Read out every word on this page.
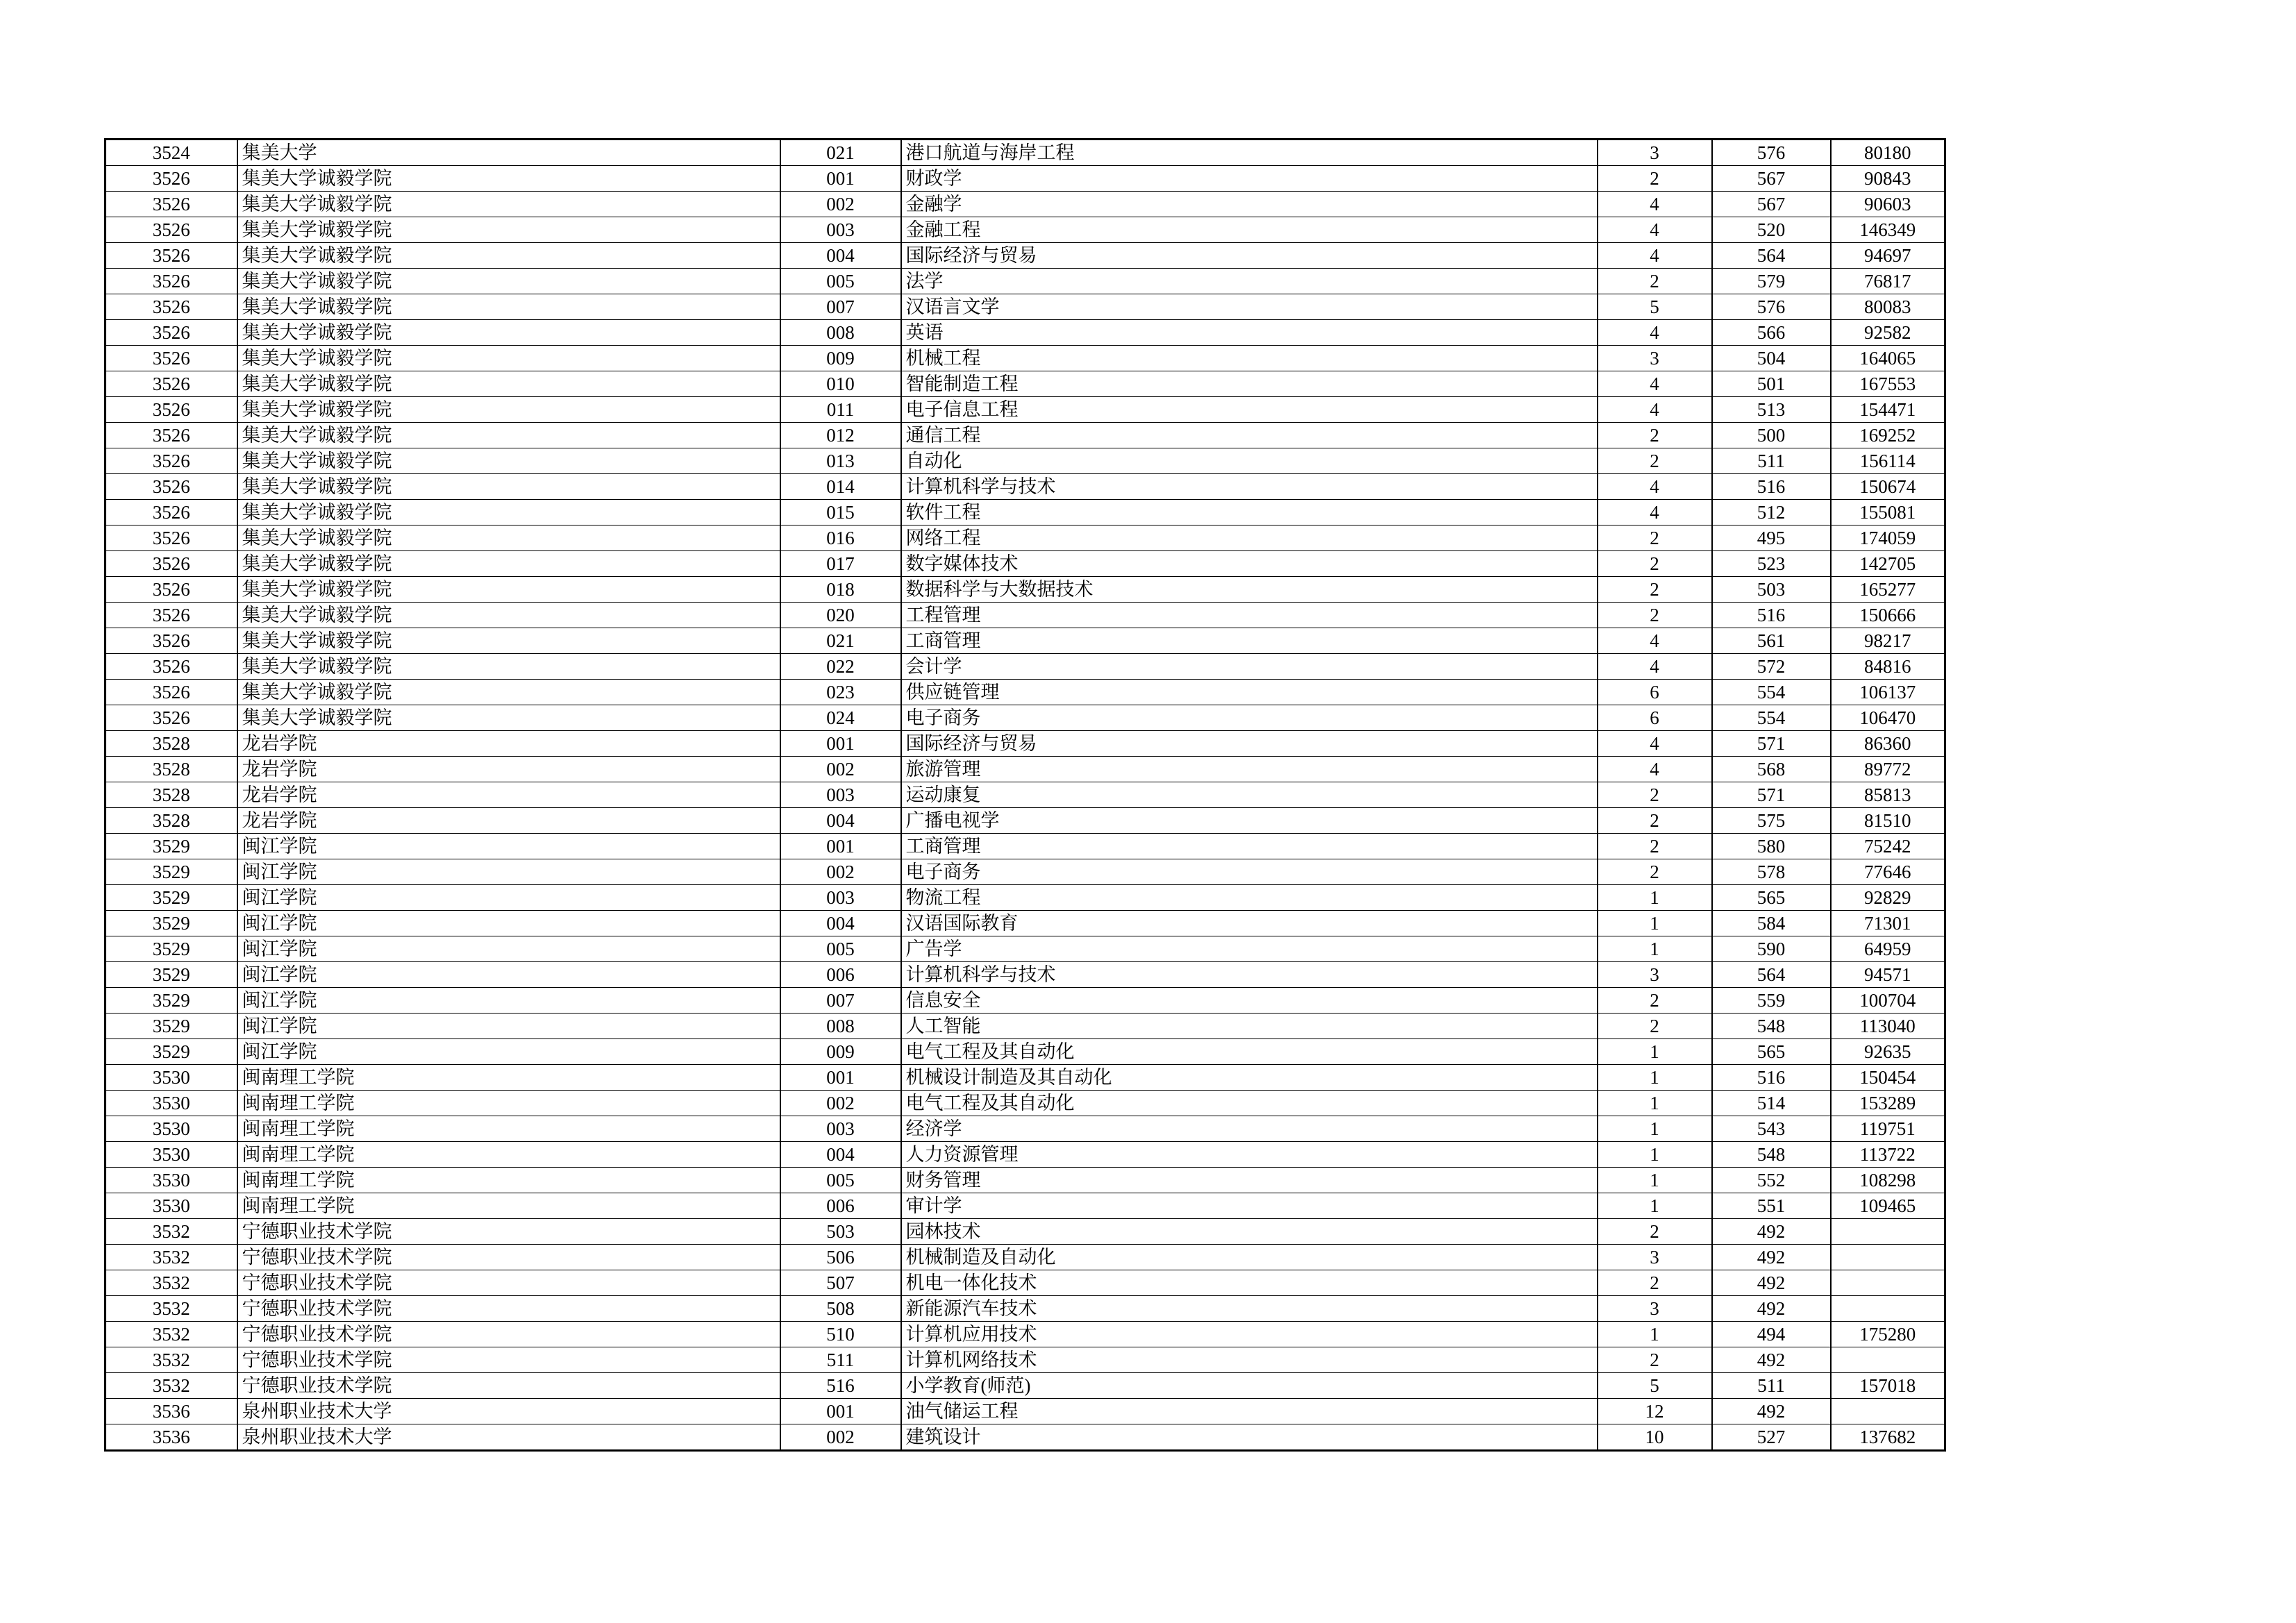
3524	集美大学	021	港口航道与海岸工程	3	576	80180
3526	集美大学诚毅学院	001	财政学	2	567	90843
3526	集美大学诚毅学院	002	金融学	4	567	90603
3526	集美大学诚毅学院	003	金融工程	4	520	146349
3526	集美大学诚毅学院	004	国际经济与贸易	4	564	94697
3526	集美大学诚毅学院	005	法学	2	579	76817
3526	集美大学诚毅学院	007	汉语言文学	5	576	80083
3526	集美大学诚毅学院	008	英语	4	566	92582
3526	集美大学诚毅学院	009	机械工程	3	504	164065
3526	集美大学诚毅学院	010	智能制造工程	4	501	167553
3526	集美大学诚毅学院	011	电子信息工程	4	513	154471
3526	集美大学诚毅学院	012	通信工程	2	500	169252
3526	集美大学诚毅学院	013	自动化	2	511	156114
3526	集美大学诚毅学院	014	计算机科学与技术	4	516	150674
3526	集美大学诚毅学院	015	软件工程	4	512	155081
3526	集美大学诚毅学院	016	网络工程	2	495	174059
3526	集美大学诚毅学院	017	数字媒体技术	2	523	142705
3526	集美大学诚毅学院	018	数据科学与大数据技术	2	503	165277
3526	集美大学诚毅学院	020	工程管理	2	516	150666
3526	集美大学诚毅学院	021	工商管理	4	561	98217
3526	集美大学诚毅学院	022	会计学	4	572	84816
3526	集美大学诚毅学院	023	供应链管理	6	554	106137
3526	集美大学诚毅学院	024	电子商务	6	554	106470
3528	龙岩学院	001	国际经济与贸易	4	571	86360
3528	龙岩学院	002	旅游管理	4	568	89772
3528	龙岩学院	003	运动康复	2	571	85813
3528	龙岩学院	004	广播电视学	2	575	81510
3529	闽江学院	001	工商管理	2	580	75242
3529	闽江学院	002	电子商务	2	578	77646
3529	闽江学院	003	物流工程	1	565	92829
3529	闽江学院	004	汉语国际教育	1	584	71301
3529	闽江学院	005	广告学	1	590	64959
3529	闽江学院	006	计算机科学与技术	3	564	94571
3529	闽江学院	007	信息安全	2	559	100704
3529	闽江学院	008	人工智能	2	548	113040
3529	闽江学院	009	电气工程及其自动化	1	565	92635
3530	闽南理工学院	001	机械设计制造及其自动化	1	516	150454
3530	闽南理工学院	002	电气工程及其自动化	1	514	153289
3530	闽南理工学院	003	经济学	1	543	119751
3530	闽南理工学院	004	人力资源管理	1	548	113722
3530	闽南理工学院	005	财务管理	1	552	108298
3530	闽南理工学院	006	审计学	1	551	109465
3532	宁德职业技术学院	503	园林技术	2	492	
3532	宁德职业技术学院	506	机械制造及自动化	3	492	
3532	宁德职业技术学院	507	机电一体化技术	2	492	
3532	宁德职业技术学院	508	新能源汽车技术	3	492	
3532	宁德职业技术学院	510	计算机应用技术	1	494	175280
3532	宁德职业技术学院	511	计算机网络技术	2	492	
3532	宁德职业技术学院	516	小学教育(师范)	5	511	157018
3536	泉州职业技术大学	001	油气储运工程	12	492	
3536	泉州职业技术大学	002	建筑设计	10	527	137682
